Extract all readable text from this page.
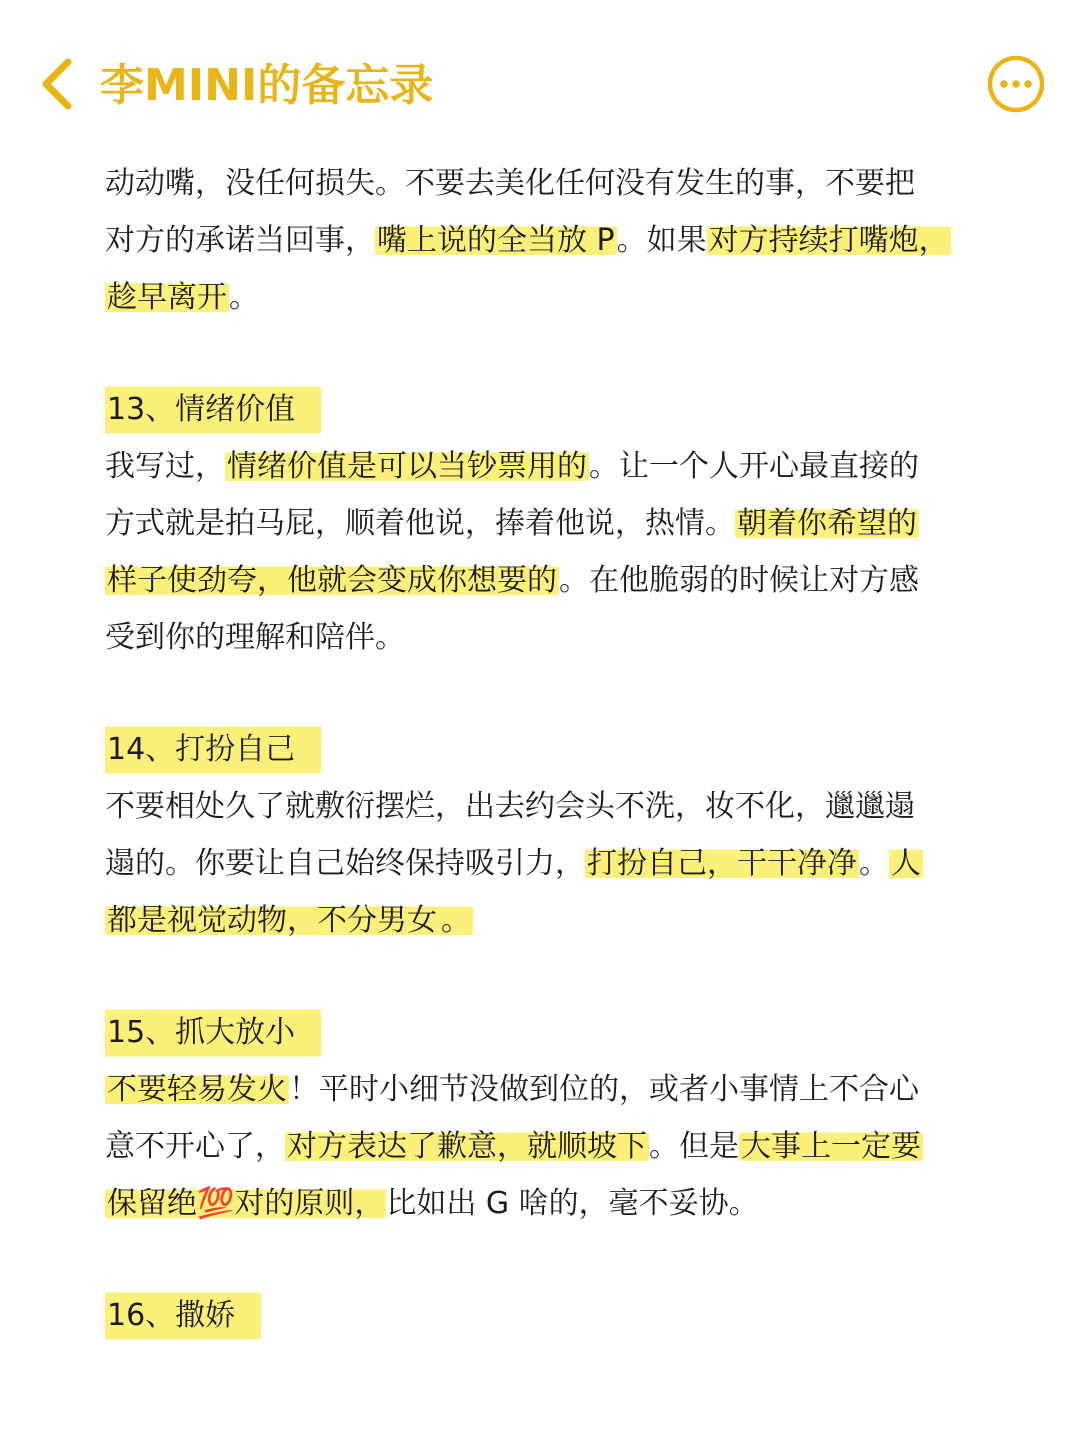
李MINI的备忘录
动动嘴，没任何损失。不要去美化任何没有发生的事，不要把
对方的承诺当回事，嘴上说的全当放 P。如果对方持续打嘴炮，
趁早离开。
13、情绪价值
我写过，情绪价值是可以当钞票用的。让一个人开心最直接的
方式就是拍马屁，顺着他说，捧着他说，热情。朝着你希望的
样子使劲夸，他就会变成你想要的。在他脆弱的时候让对方感
受到你的理解和陪伴。
14、打扮自己
不要相处久了就敷衍摆烂，出去约会头不洗，妆不化，邋邋遢
遢的。你要让自己始终保持吸引力，打扮自己，干干净净。人
都是视觉动物，不分男女 。
15、抓大放小
不要轻易发火！平时小细节没做到位的，或者小事情上不合心
意不开心了，对方表达了歉意，就顺坡下。但是大事上一定要
保留绝💯对的原则，比如出 G 啥的，毫不妥协。
16、撒娇
